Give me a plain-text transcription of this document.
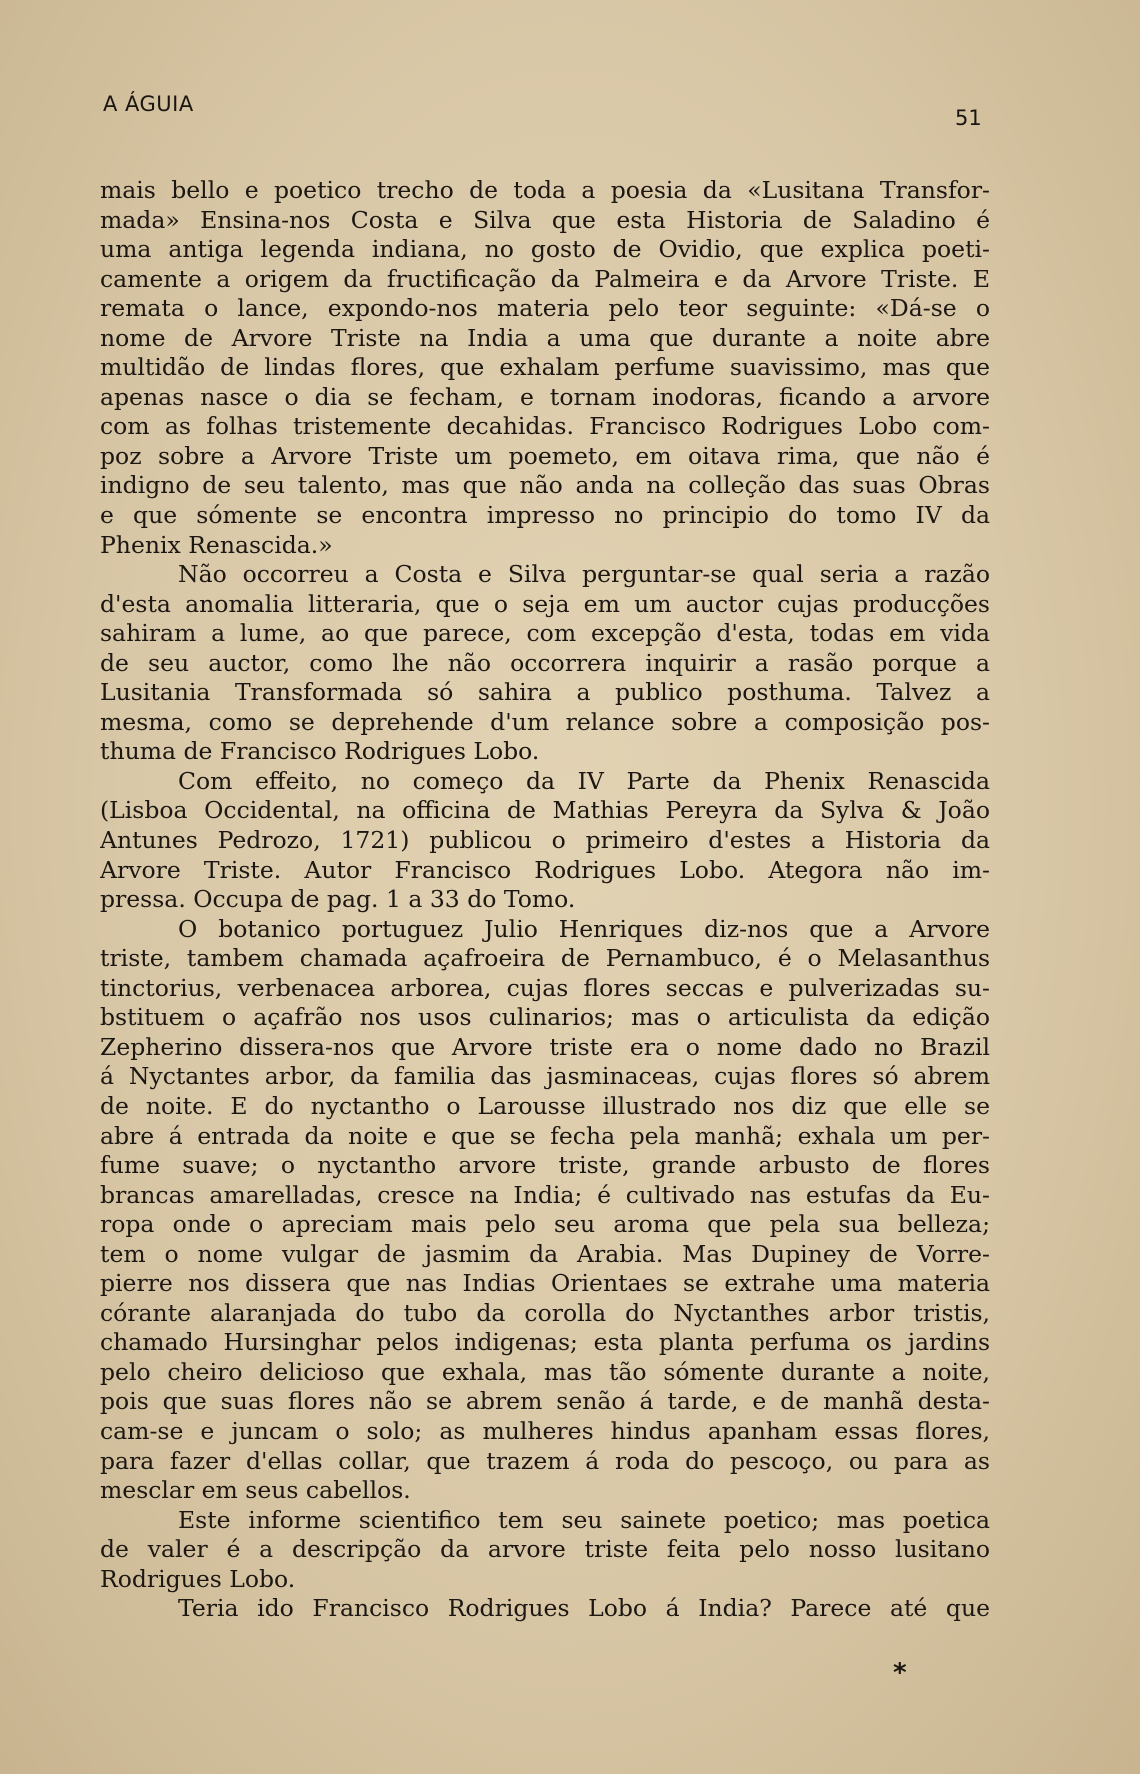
A ÁGUIA
51
mais bello e poetico trecho de toda a poesia da «Lusitana Transfor-
mada» Ensina-nos Costa e Silva que esta Historia de Saladino é
uma antiga legenda indiana, no gosto de Ovidio, que explica poeti-
camente a origem da fructificação da Palmeira e da Arvore Triste. E
remata o lance, expondo-nos materia pelo teor seguinte: «Dá-se o
nome de Arvore Triste na India a uma que durante a noite abre
multidão de lindas flores, que exhalam perfume suavissimo, mas que
apenas nasce o dia se fecham, e tornam inodoras, ficando a arvore
com as folhas tristemente decahidas. Francisco Rodrigues Lobo com-
poz sobre a Arvore Triste um poemeto, em oitava rima, que não é
indigno de seu talento, mas que não anda na colleção das suas Obras
e que sómente se encontra impresso no principio do tomo IV da
Phenix Renascida.»
Não occorreu a Costa e Silva perguntar-se qual seria a razão
d'esta anomalia litteraria, que o seja em um auctor cujas producções
sahiram a lume, ao que parece, com excepção d'esta, todas em vida
de seu auctor, como lhe não occorrera inquirir a rasão porque a
Lusitania Transformada só sahira a publico posthuma. Talvez a
mesma, como se deprehende d'um relance sobre a composição pos-
thuma de Francisco Rodrigues Lobo.
Com effeito, no começo da IV Parte da Phenix Renascida
(Lisboa Occidental, na officina de Mathias Pereyra da Sylva & João
Antunes Pedrozo, 1721) publicou o primeiro d'estes a Historia da
Arvore Triste. Autor Francisco Rodrigues Lobo. Ategora não im-
pressa. Occupa de pag. 1 a 33 do Tomo.
O botanico portuguez Julio Henriques diz-nos que a Arvore
triste, tambem chamada açafroeira de Pernambuco, é o Melasanthus
tinctorius, verbenacea arborea, cujas flores seccas e pulverizadas su-
bstituem o açafrão nos usos culinarios; mas o articulista da edição
Zepherino dissera-nos que Arvore triste era o nome dado no Brazil
á Nyctantes arbor, da familia das jasminaceas, cujas flores só abrem
de noite. E do nyctantho o Larousse illustrado nos diz que elle se
abre á entrada da noite e que se fecha pela manhã; exhala um per-
fume suave; o nyctantho arvore triste, grande arbusto de flores
brancas amarelladas, cresce na India; é cultivado nas estufas da Eu-
ropa onde o apreciam mais pelo seu aroma que pela sua belleza;
tem o nome vulgar de jasmim da Arabia. Mas Dupiney de Vorre-
pierre nos dissera que nas Indias Orientaes se extrahe uma materia
córante alaranjada do tubo da corolla do Nyctanthes arbor tristis,
chamado Hursinghar pelos indigenas; esta planta perfuma os jardins
pelo cheiro delicioso que exhala, mas tão sómente durante a noite,
pois que suas flores não se abrem senão á tarde, e de manhã desta-
cam-se e juncam o solo; as mulheres hindus apanham essas flores,
para fazer d'ellas collar, que trazem á roda do pescoço, ou para as
mesclar em seus cabellos.
Este informe scientifico tem seu sainete poetico; mas poetica
de valer é a descripção da arvore triste feita pelo nosso lusitano
Rodrigues Lobo.
Teria ido Francisco Rodrigues Lobo á India? Parece até que
*
